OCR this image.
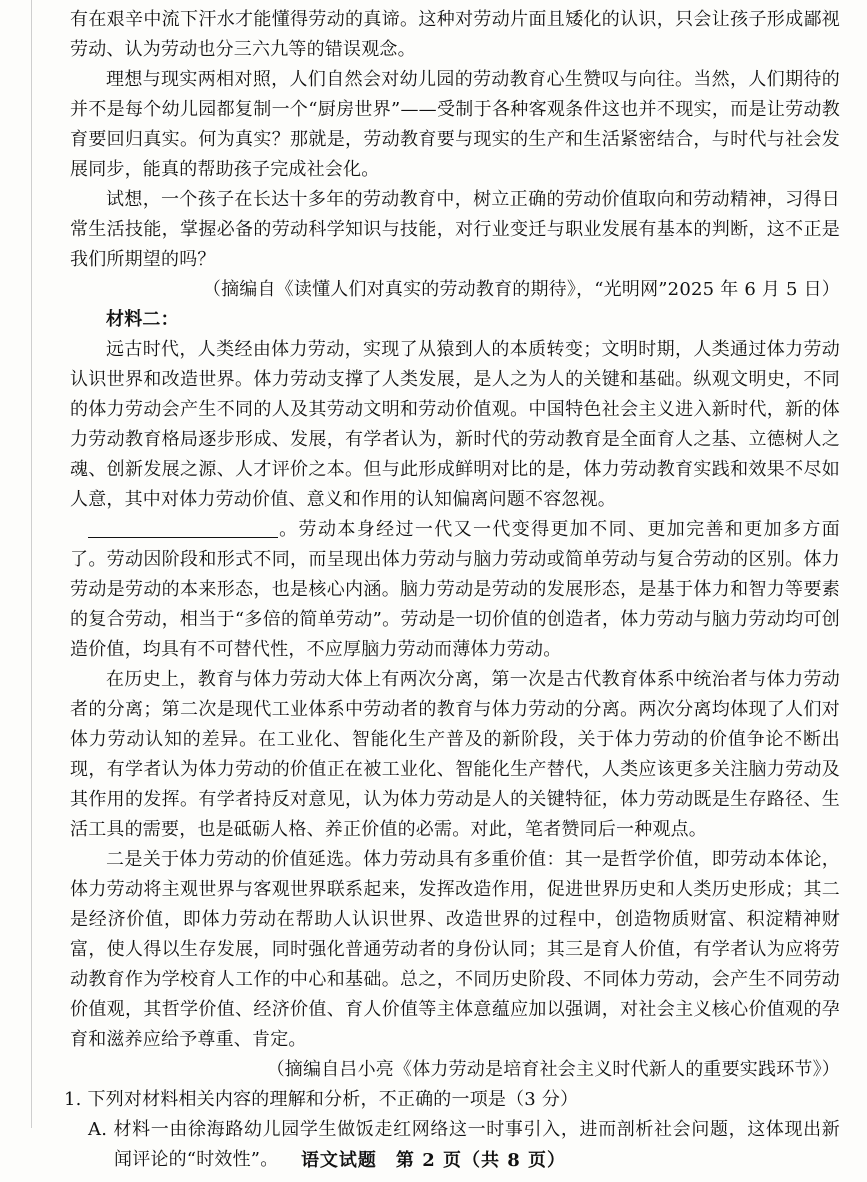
有在艰辛中流下汗水才能懂得劳动的真谛。这种对劳动片面且矮化的认识，只会让孩子形成鄙视劳动、认为劳动也分三六九等的错误观念。

理想与现实两相对照，人们自然会对幼儿园的劳动教育心生赞叹与向往。当然，人们期待的并不是每个幼儿园都复制一个“厨房世界”——受制于各种客观条件这也并不现实，而是让劳动教育要回归真实。何为真实？那就是，劳动教育要与现实的生产和生活紧密结合，与时代与社会发展同步，能真的帮助孩子完成社会化。

试想，一个孩子在长达十多年的劳动教育中，树立正确的劳动价值取向和劳动精神，习得日常生活技能，掌握必备的劳动科学知识与技能，对行业变迁与职业发展有基本的判断，这不正是我们所期望的吗？

（摘编自《读懂人们对真实的劳动教育的期待》，“光明网”2025 年 6 月 5 日）

材料二：

远古时代，人类经由体力劳动，实现了从猿到人的本质转变；文明时期，人类通过体力劳动认识世界和改造世界。体力劳动支撑了人类发展，是人之为人的关键和基础。纵观文明史，不同的体力劳动会产生不同的人及其劳动文明和劳动价值观。中国特色社会主义进入新时代，新的体力劳动教育格局逐步形成、发展，有学者认为，新时代的劳动教育是全面育人之基、立德树人之魂、创新发展之源、人才评价之本。但与此形成鲜明对比的是，体力劳动教育实践和效果不尽如人意，其中对体力劳动价值、意义和作用的认知偏离问题不容忽视。

。劳动本身经过一代又一代变得更加不同、更加完善和更加多方面了。劳动因阶段和形式不同，而呈现出体力劳动与脑力劳动或简单劳动与复合劳动的区别。体力劳动是劳动的本来形态，也是核心内涵。脑力劳动是劳动的发展形态，是基于体力和智力等要素的复合劳动，相当于“多倍的简单劳动”。劳动是一切价值的创造者，体力劳动与脑力劳动均可创造价值，均具有不可替代性，不应厚脑力劳动而薄体力劳动。

在历史上，教育与体力劳动大体上有两次分离，第一次是古代教育体系中统治者与体力劳动者的分离；第二次是现代工业体系中劳动者的教育与体力劳动的分离。两次分离均体现了人们对体力劳动认知的差异。在工业化、智能化生产普及的新阶段，关于体力劳动的价值争论不断出现，有学者认为体力劳动的价值正在被工业化、智能化生产替代，人类应该更多关注脑力劳动及其作用的发挥。有学者持反对意见，认为体力劳动是人的关键特征，体力劳动既是生存路径、生活工具的需要，也是砥砺人格、养正价值的必需。对此，笔者赞同后一种观点。

二是关于体力劳动的价值延选。体力劳动具有多重价值：其一是哲学价值，即劳动本体论，体力劳动将主观世界与客观世界联系起来，发挥改造作用，促进世界历史和人类历史形成；其二是经济价值，即体力劳动在帮助人认识世界、改造世界的过程中，创造物质财富、积淀精神财富，使人得以生存发展，同时强化普通劳动者的身份认同；其三是育人价值，有学者认为应将劳动教育作为学校育人工作的中心和基础。总之，不同历史阶段、不同体力劳动，会产生不同劳动价值观，其哲学价值、经济价值、育人价值等主体意蕴应加以强调，对社会主义核心价值观的孕育和滋养应给予尊重、肯定。

（摘编自吕小亮《体力劳动是培育社会主义时代新人的重要实践环节》）

1. 下列对材料相关内容的理解和分析，不正确的一项是（3 分）

A. 材料一由徐海路幼儿园学生做饭走红网络这一时事引入，进而剖析社会问题，这体现出新闻评论的“时效性”。	语文试题　第 2 页（共 8 页）
